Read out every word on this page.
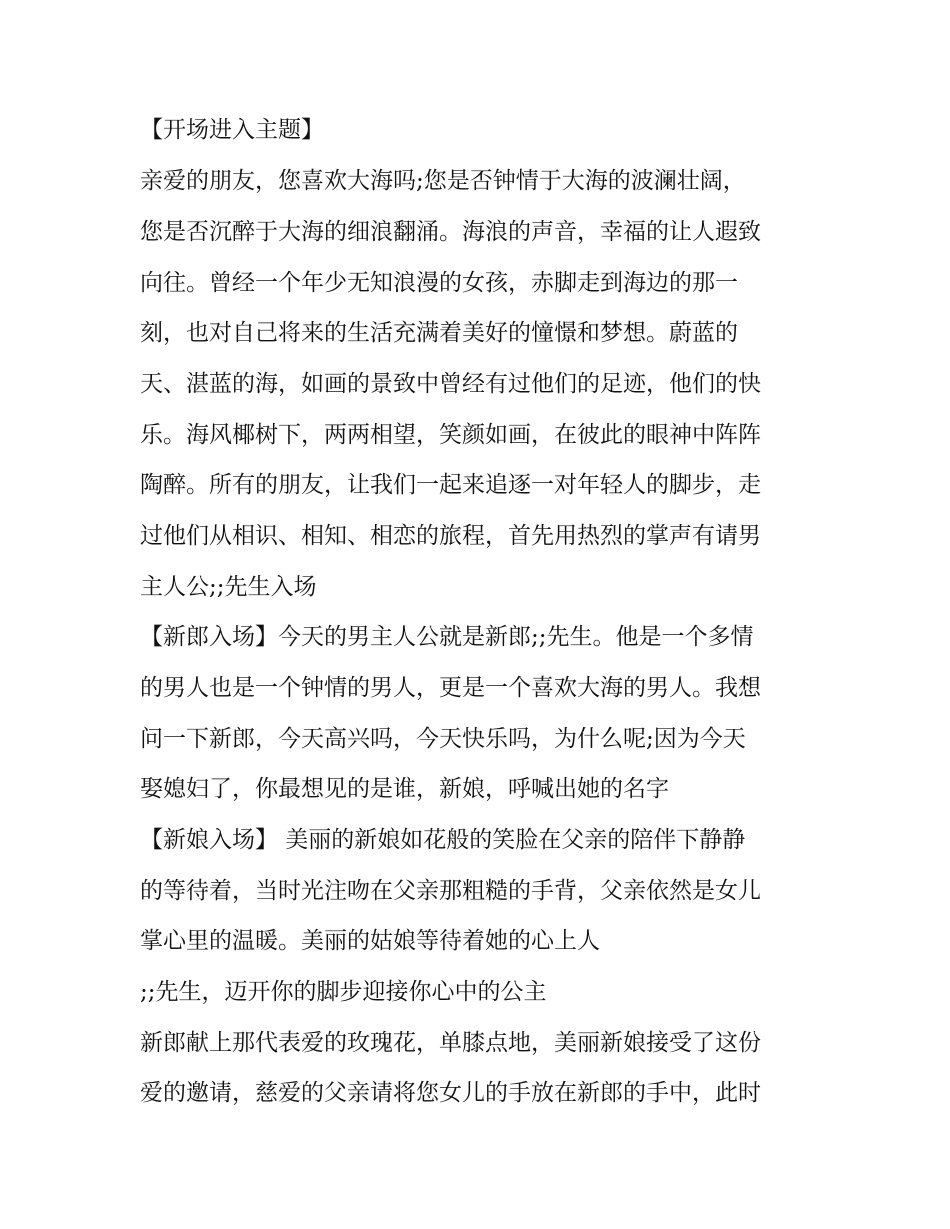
【开场进入主题】

亲爱的朋友，您喜欢大海吗;您是否钟情于大海的波澜壮阔，

您是否沉醉于大海的细浪翻涌。海浪的声音，幸福的让人遐致

向往。曾经一个年少无知浪漫的女孩，赤脚走到海边的那一

刻，也对自己将来的生活充满着美好的憧憬和梦想。蔚蓝的

天、湛蓝的海，如画的景致中曾经有过他们的足迹，他们的快

乐。海风椰树下，两两相望，笑颜如画，在彼此的眼神中阵阵

陶醉。所有的朋友，让我们一起来追逐一对年轻人的脚步，走

过他们从相识、相知、相恋的旅程，首先用热烈的掌声有请男

主人公;;先生入场

【新郎入场】今天的男主人公就是新郎;;先生。他是一个多情

的男人也是一个钟情的男人，更是一个喜欢大海的男人。我想

问一下新郎，今天高兴吗，今天快乐吗，为什么呢;因为今天

娶媳妇了，你最想见的是谁，新娘，呼喊出她的名字

【新娘入场】 美丽的新娘如花般的笑脸在父亲的陪伴下静静

的等待着，当时光注吻在父亲那粗糙的手背，父亲依然是女儿

掌心里的温暖。美丽的姑娘等待着她的心上人

;;先生，迈开你的脚步迎接你心中的公主

新郎献上那代表爱的玫瑰花，单膝点地，美丽新娘接受了这份

爱的邀请，慈爱的父亲请将您女儿的手放在新郎的手中，此时
